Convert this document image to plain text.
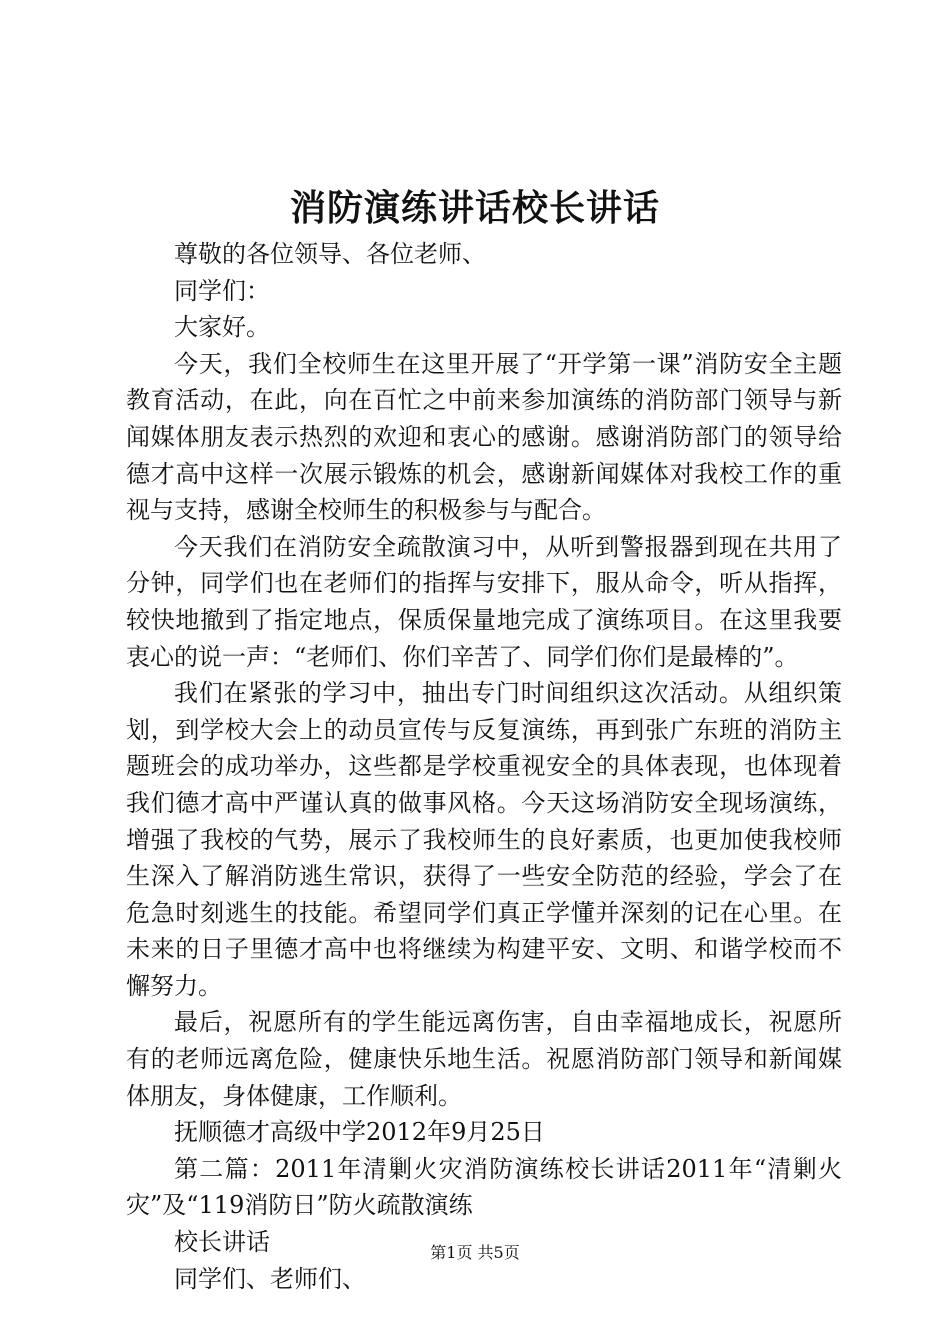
消防演练讲话校长讲话

尊敬的各位领导、各位老师、

同学们：

大家好。

今天，我们全校师生在这里开展了“开学第一课”消防安全主题教育活动，在此，向在百忙之中前来参加演练的消防部门领导与新闻媒体朋友表示热烈的欢迎和衷心的感谢。感谢消防部门的领导给德才高中这样一次展示锻炼的机会，感谢新闻媒体对我校工作的重视与支持，感谢全校师生的积极参与与配合。

今天我们在消防安全疏散演习中，从听到警报器到现在共用了分钟，同学们也在老师们的指挥与安排下，服从命令，听从指挥，较快地撤到了指定地点，保质保量地完成了演练项目。在这里我要衷心的说一声：“老师们、你们辛苦了、同学们你们是最棒的”。

我们在紧张的学习中，抽出专门时间组织这次活动。从组织策划，到学校大会上的动员宣传与反复演练，再到张广东班的消防主题班会的成功举办，这些都是学校重视安全的具体表现，也体现着我们德才高中严谨认真的做事风格。今天这场消防安全现场演练，增强了我校的气势，展示了我校师生的良好素质，也更加使我校师生深入了解消防逃生常识，获得了一些安全防范的经验，学会了在危急时刻逃生的技能。希望同学们真正学懂并深刻的记在心里。在未来的日子里德才高中也将继续为构建平安、文明、和谐学校而不懈努力。

最后，祝愿所有的学生能远离伤害，自由幸福地成长，祝愿所有的老师远离危险，健康快乐地生活。祝愿消防部门领导和新闻媒体朋友，身体健康，工作顺利。

抚顺德才高级中学2012年9月25日

第二篇：2011年清剿火灾消防演练校长讲话2011年“清剿火灾”及“119消防日”防火疏散演练

校长讲话

同学们、老师们、

第1页 共5页
